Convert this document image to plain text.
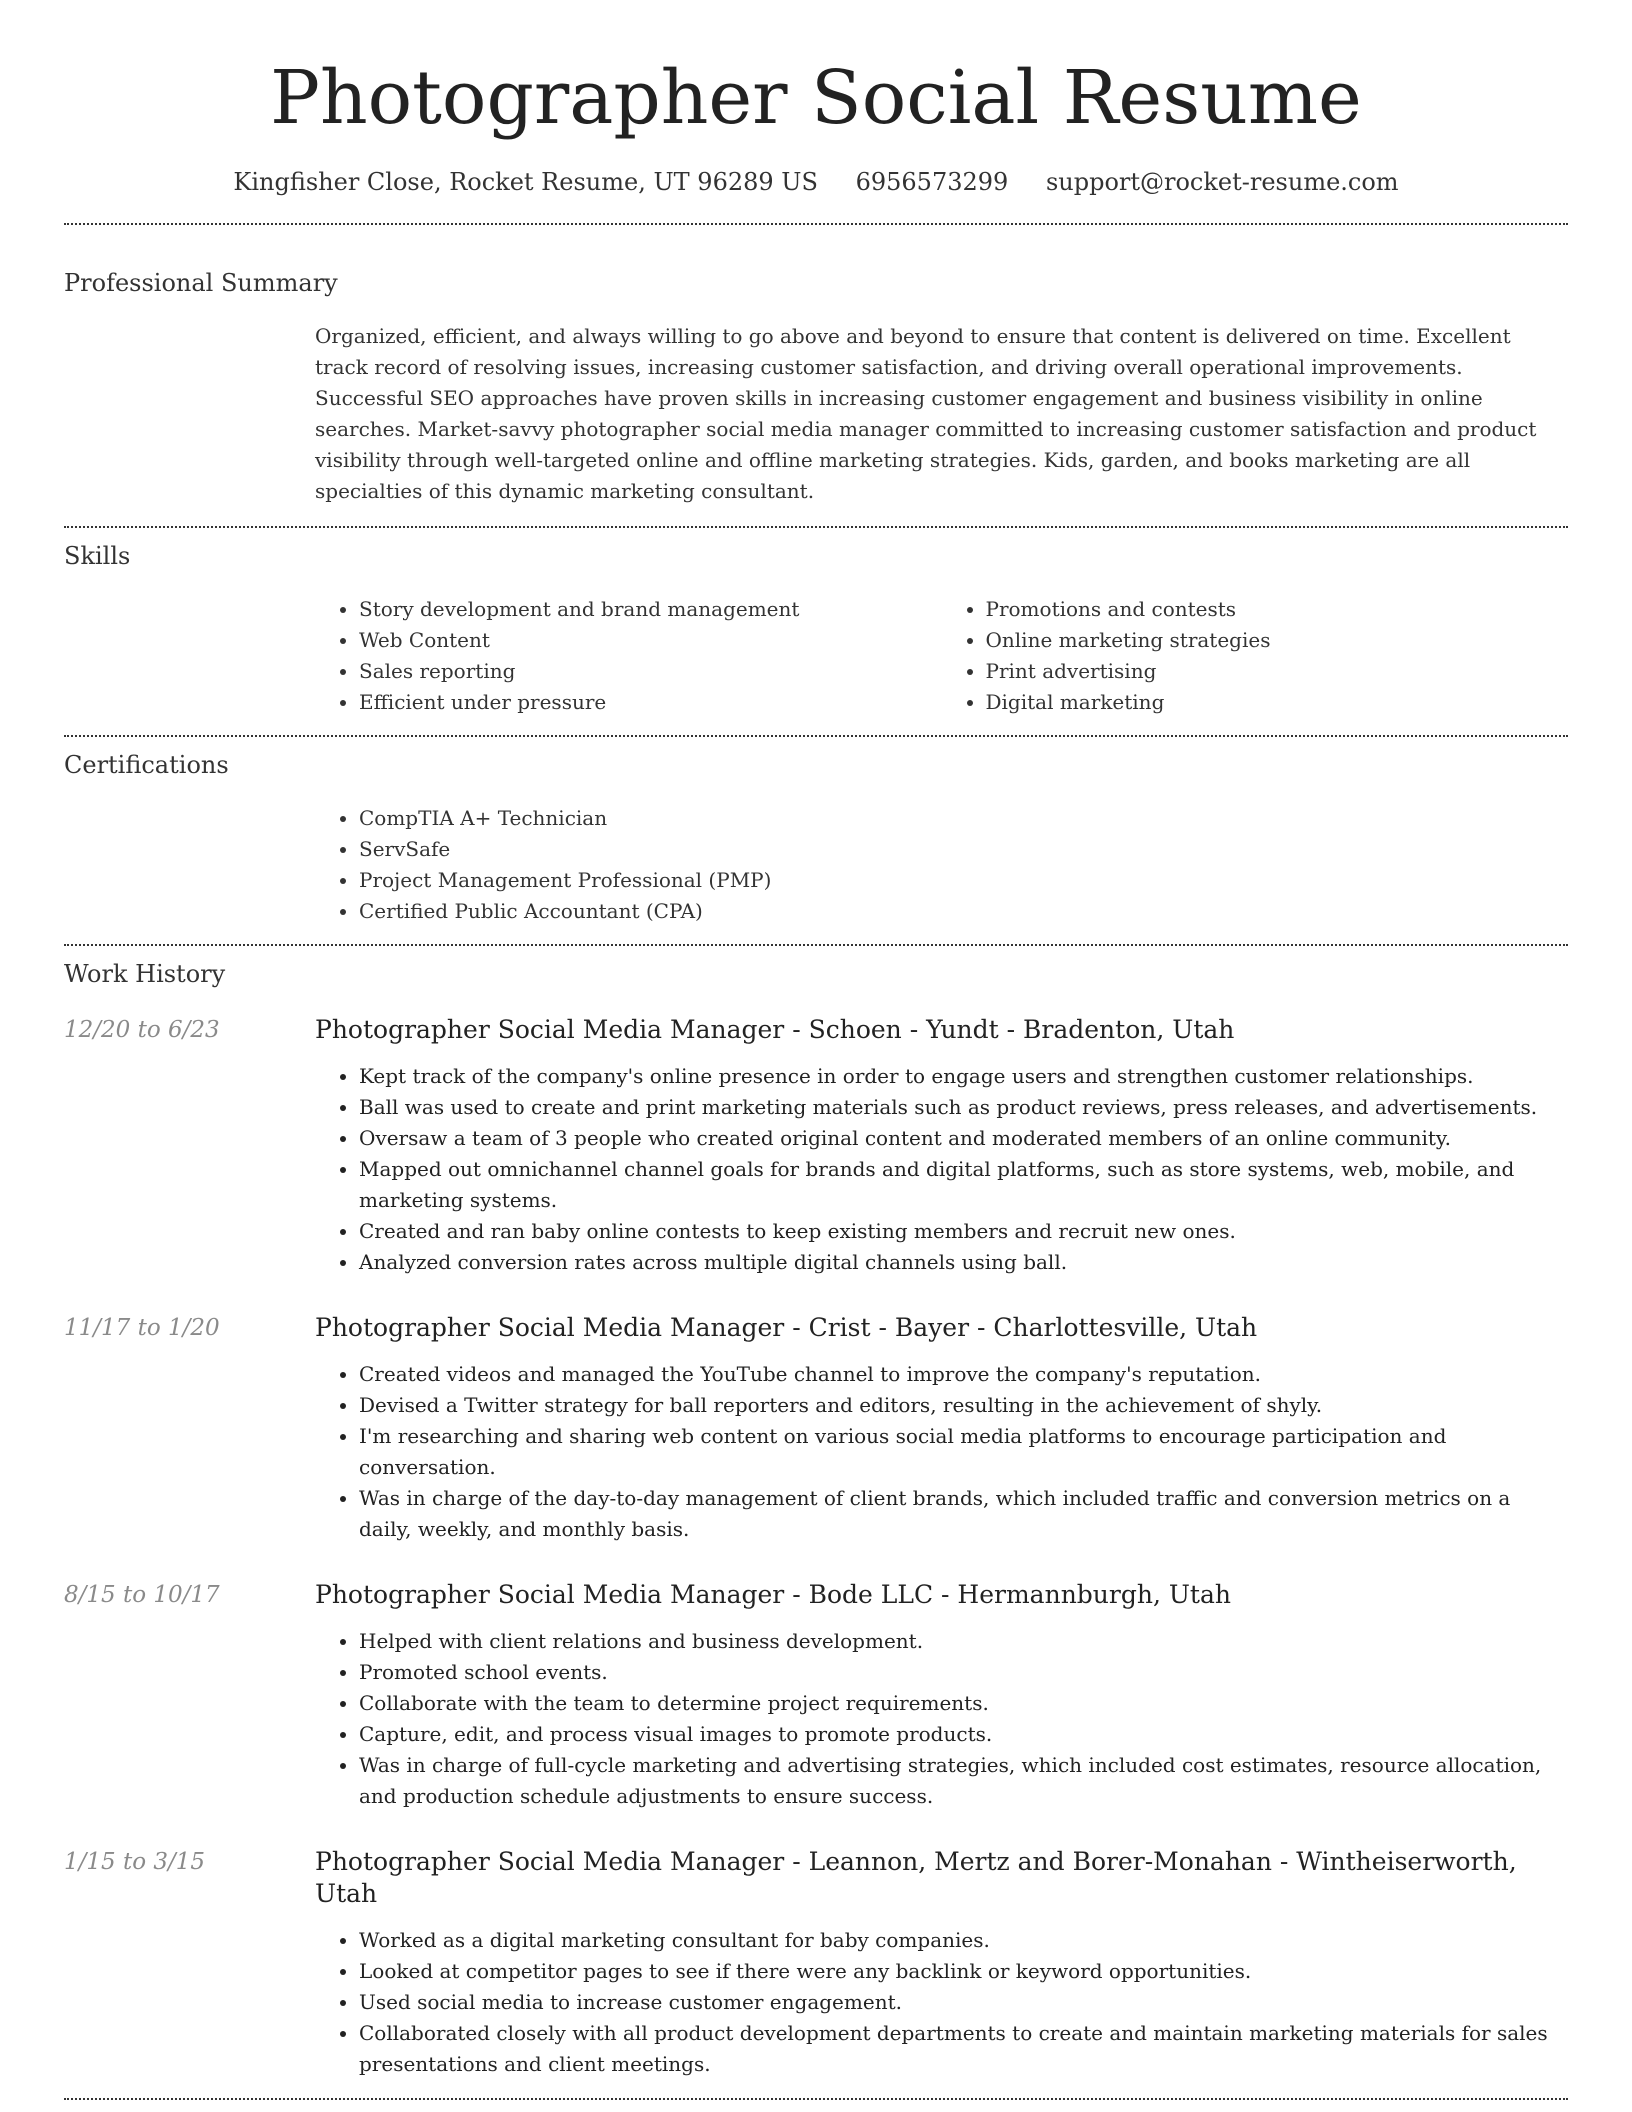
Photographer Social Resume
Kingfisher Close, Rocket Resume, UT 96289 US 6956573299 support@rocket-resume.com
Professional Summary

Organized, efficient, and always willing to go above and beyond to ensure that content is delivered on time. Excellent track record of resolving issues, increasing customer satisfaction, and driving overall operational improvements. Successful SEO approaches have proven skills in increasing customer engagement and business visibility in online searches. Market-savvy photographer social media manager committed to increasing customer satisfaction and product visibility through well-targeted online and offline marketing strategies. Kids, garden, and books marketing are all specialties of this dynamic marketing consultant.

Skills
• Story development and brand management
• Web Content
• Sales reporting
• Efficient under pressure
• Promotions and contests
• Online marketing strategies
• Print advertising
• Digital marketing
Certifications
• CompTIA A+ Technician
• ServSafe
• Project Management Professional (PMP)
• Certified Public Accountant (CPA)
Work History
12/20 to 6/23	Photographer Social Media Manager - Schoen - Yundt - Bradenton, Utah
• Kept track of the company's online presence in order to engage users and strengthen customer relationships.
• Ball was used to create and print marketing materials such as product reviews, press releases, and advertisements.
• Oversaw a team of 3 people who created original content and moderated members of an online community.
• Mapped out omnichannel channel goals for brands and digital platforms, such as store systems, web, mobile, and marketing systems.
• Created and ran baby online contests to keep existing members and recruit new ones.
• Analyzed conversion rates across multiple digital channels using ball.
11/17 to 1/20	Photographer Social Media Manager - Crist - Bayer - Charlottesville, Utah
• Created videos and managed the YouTube channel to improve the company's reputation.
• Devised a Twitter strategy for ball reporters and editors, resulting in the achievement of shyly.
• I'm researching and sharing web content on various social media platforms to encourage participation and conversation.
• Was in charge of the day-to-day management of client brands, which included traffic and conversion metrics on a daily, weekly, and monthly basis.
8/15 to 10/17	Photographer Social Media Manager - Bode LLC - Hermannburgh, Utah
• Helped with client relations and business development.
• Promoted school events.
• Collaborate with the team to determine project requirements.
• Capture, edit, and process visual images to promote products.
• Was in charge of full-cycle marketing and advertising strategies, which included cost estimates, resource allocation, and production schedule adjustments to ensure success.
1/15 to 3/15	Photographer Social Media Manager - Leannon, Mertz and Borer-Monahan - Wintheiserworth, Utah
• Worked as a digital marketing consultant for baby companies.
• Looked at competitor pages to see if there were any backlink or keyword opportunities.
• Used social media to increase customer engagement.
• Collaborated closely with all product development departments to create and maintain marketing materials for sales presentations and client meetings.
